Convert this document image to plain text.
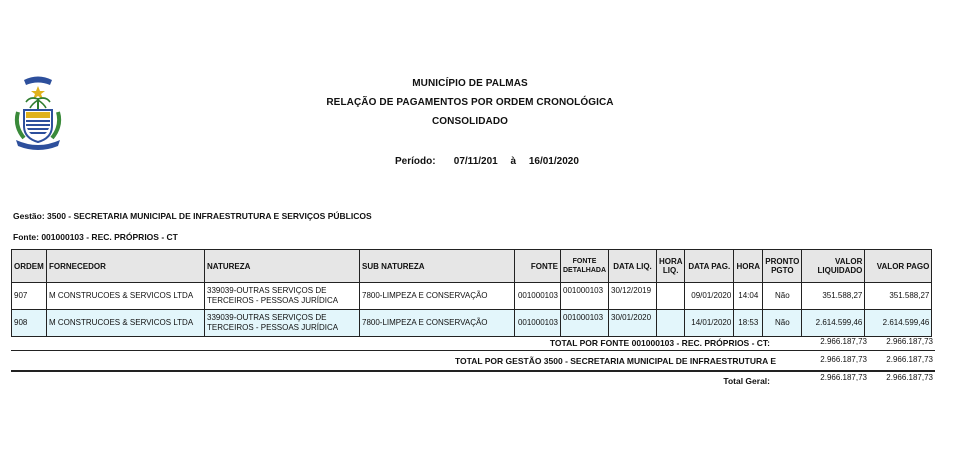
MUNICÍPIO DE PALMAS
RELAÇÃO DE PAGAMENTOS POR ORDEM CRONOLÓGICA
CONSOLIDADO
Período: 07/11/201 à 16/01/2020
Gestão: 3500 - SECRETARIA MUNICIPAL DE INFRAESTRUTURA E SERVIÇOS PÚBLICOS
Fonte: 001000103 - REC. PRÓPRIOS - CT
ORDEM	FORNECEDOR	NATUREZA	SUB NATUREZA	FONTE	FONTE DETALHADA	DATA LIQ.	HORA LIQ.	DATA PAG.	HORA	PRONTO PGTO	VALOR LIQUIDADO	VALOR PAGO
907	M CONSTRUCOES & SERVICOS LTDA	339039-OUTRAS SERVIÇOS DE TERCEIROS - PESSOAS JURÍDICA	7800-LIMPEZA E CONSERVAÇÃO	001000103	001000103	30/12/2019		09/01/2020	14:04	Não	351.588,27	351.588,27
908	M CONSTRUCOES & SERVICOS LTDA	339039-OUTRAS SERVIÇOS DE TERCEIROS - PESSOAS JURÍDICA	7800-LIMPEZA E CONSERVAÇÃO	001000103	001000103	30/01/2020		14/01/2020	18:53	Não	2.614.599,46	2.614.599,46
TOTAL POR FONTE 001000103 - REC. PRÓPRIOS - CT:	2.966.187,73	2.966.187,73
TOTAL POR GESTÃO 3500 - SECRETARIA MUNICIPAL DE INFRAESTRUTURA E	2.966.187,73	2.966.187,73
Total Geral:	2.966.187,73	2.966.187,73
